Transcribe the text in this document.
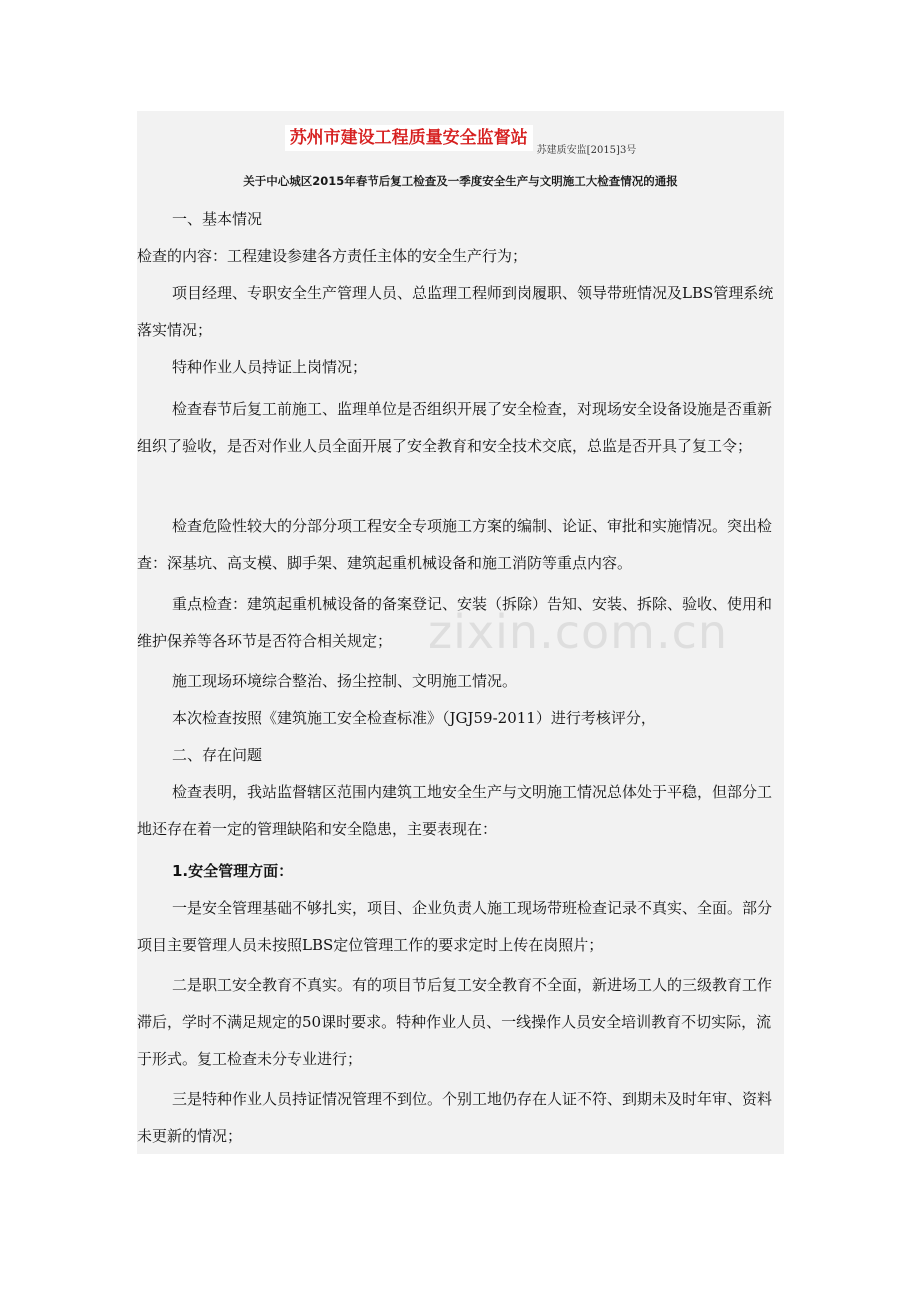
苏州市建设工程质量安全监督站苏建质安监[2015]3号
关于中心城区2015年春节后复工检查及一季度安全生产与文明施工大检查情况的通报

一、基本情况

检查的内容：工程建设参建各方责任主体的安全生产行为；

项目经理、专职安全生产管理人员、总监理工程师到岗履职、领导带班情况及LBS管理系统落实情况；

特种作业人员持证上岗情况；

检查春节后复工前施工、监理单位是否组织开展了安全检查，对现场安全设备设施是否重新组织了验收，是否对作业人员全面开展了安全教育和安全技术交底，总监是否开具了复工令；

检查危险性较大的分部分项工程安全专项施工方案的编制、论证、审批和实施情况。突出检查：深基坑、高支模、脚手架、建筑起重机械设备和施工消防等重点内容。

重点检查：建筑起重机械设备的备案登记、安装（拆除）告知、安装、拆除、验收、使用和维护保养等各环节是否符合相关规定；

施工现场环境综合整治、扬尘控制、文明施工情况。

本次检查按照《建筑施工安全检查标准》（JGJ59-2011）进行考核评分，

二、存在问题

检查表明，我站监督辖区范围内建筑工地安全生产与文明施工情况总体处于平稳，但部分工地还存在着一定的管理缺陷和安全隐患，主要表现在：

1.安全管理方面：

一是安全管理基础不够扎实，项目、企业负责人施工现场带班检查记录不真实、全面。部分项目主要管理人员未按照LBS定位管理工作的要求定时上传在岗照片；

二是职工安全教育不真实。有的项目节后复工安全教育不全面，新进场工人的三级教育工作滞后，学时不满足规定的50课时要求。特种作业人员、一线操作人员安全培训教育不切实际，流于形式。复工检查未分专业进行；

三是特种作业人员持证情况管理不到位。个别工地仍存在人证不符、到期未及时年审、资料未更新的情况；

zixin.com.cn
